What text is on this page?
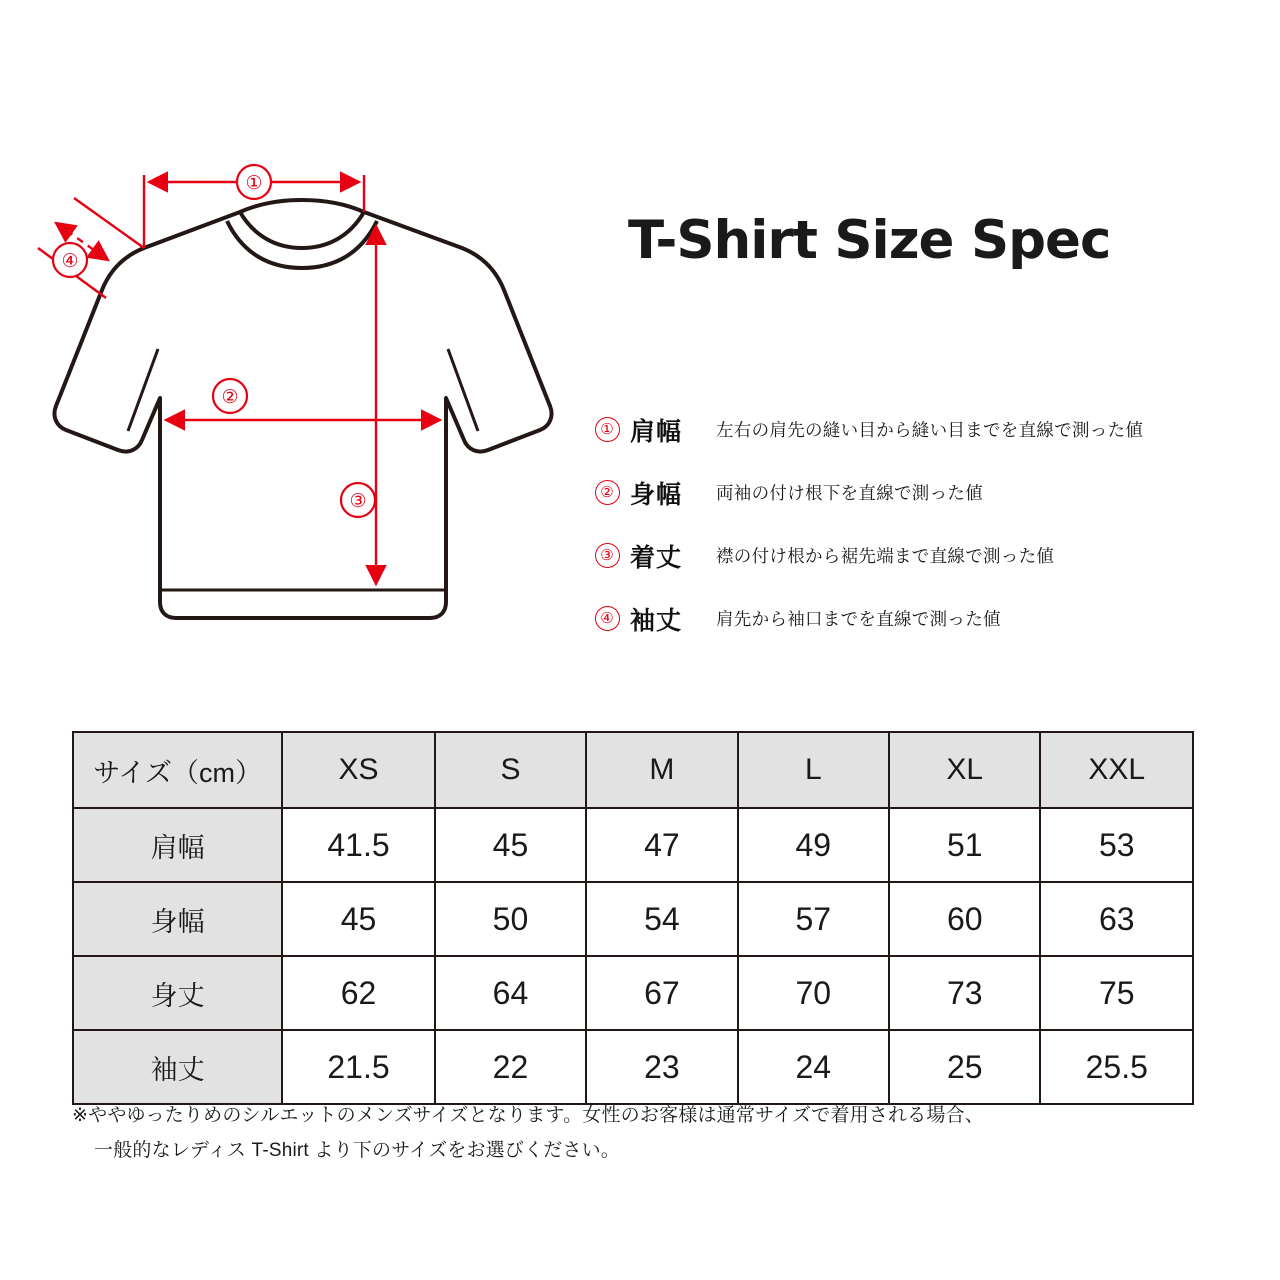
①
④
②
③
T-Shirt Size Spec
① 肩幅	左右の肩先の縫い目から縫い目までを直線で測った値
② 身幅	両袖の付け根下を直線で測った値
③ 着丈	襟の付け根から裾先端まで直線で測った値
④ 袖丈	肩先から袖口までを直線で測った値
サイズ（cm）	XS	S	M	L	XL	XXL
肩幅	41.5	45	47	49	51	53
身幅	45	50	54	57	60	63
身丈	62	64	67	70	73	75
袖丈	21.5	22	23	24	25	25.5
※ややゆったりめのシルエットのメンズサイズとなります。女性のお客様は通常サイズで着用される場合、
一般的なレディス T-Shirt より下のサイズをお選びください。
